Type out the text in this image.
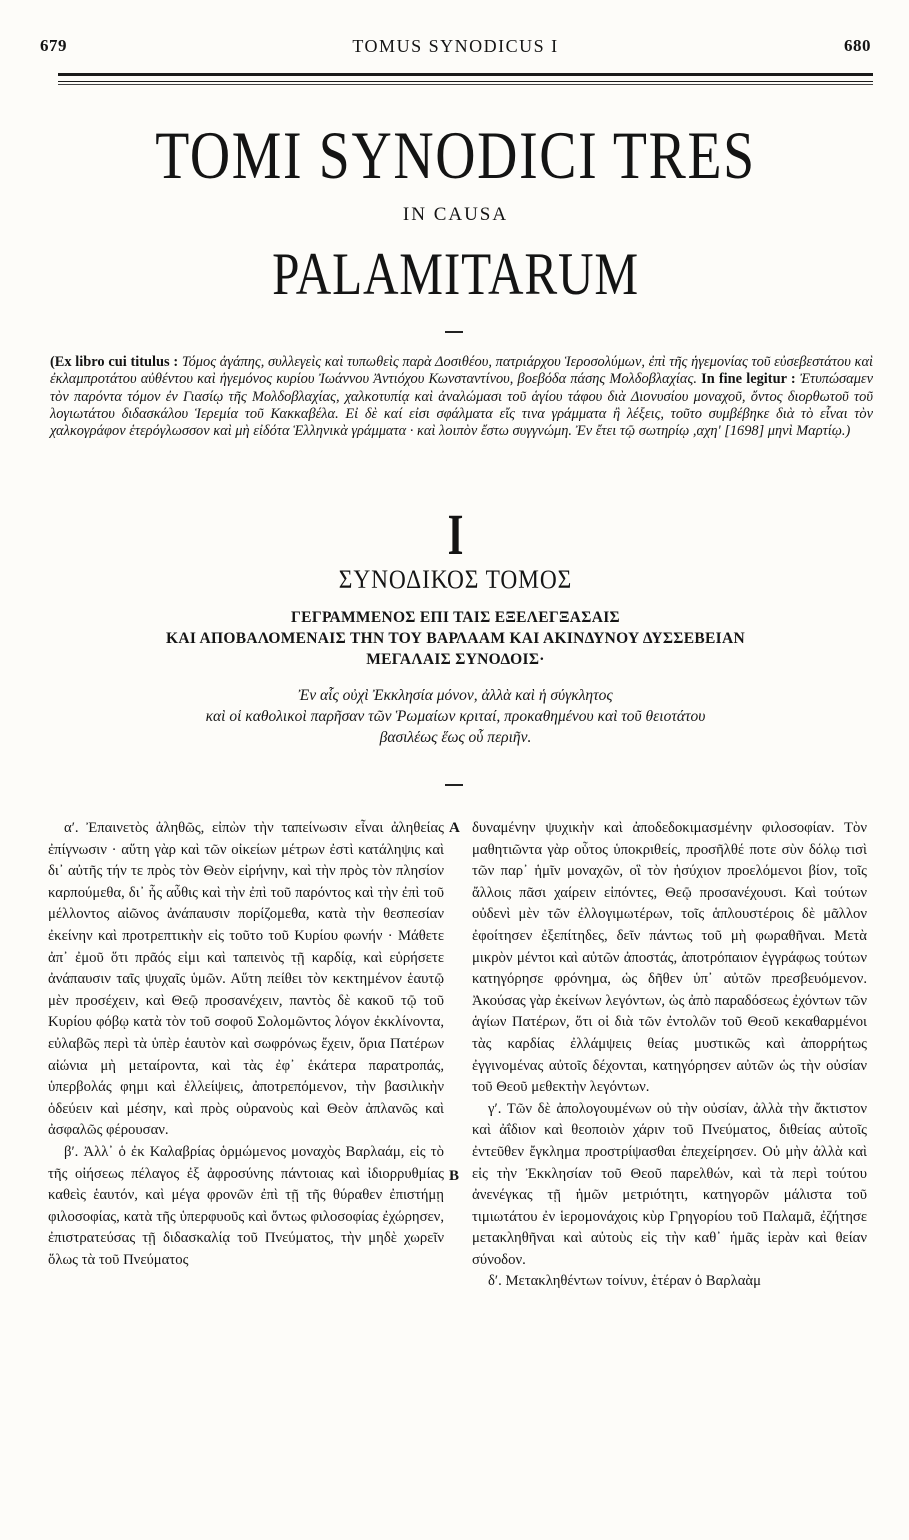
679	TOMUS SYNODICUS I	680
TOMI SYNODICI TRES
IN CAUSA
PALAMITARUM
(Ex libro cui titulus : Τόμος ἀγάπης, συλλεγεὶς καὶ τυπωθεὶς παρὰ Δοσιθέου, πατριάρχου Ἱεροσολύμων, ἐπὶ τῆς ἡγεμονίας τοῦ εὐσεβεστάτου καὶ ἐκλαμπροτάτου αὐθέντου καὶ ἡγεμόνος κυρίου Ἰωάννου Ἀντιόχου Κωνσταντίνου, βοεβόδα πάσης Μολδοβλαχίας. In fine legitur : Ἐτυπώσαμεν τὸν παρόντα τόμον ἐν Γιασίῳ τῆς Μολδοβλαχίας, χαλκοτυπίᾳ καὶ ἀναλώμασι τοῦ ἁγίου τάφου διὰ Διονυσίου μοναχοῦ, ὄντος διορθωτοῦ τοῦ λογιωτάτου διδασκάλου Ἱερεμία τοῦ Κακκαβέλα. Εἰ δὲ καί εἰσι σφάλματα εἴς τινα γράμματα ἢ λέξεις, τοῦτο συμβέβηκε διὰ τὸ εἶναι τὸν χαλκογράφον ἑτερόγλωσσον καὶ μὴ εἰδότα Ἑλληνικὰ γράμματα · καὶ λοιπὸν ἔστω συγγνώμη. Ἐν ἔτει τῷ σωτηρίῳ ,αχηʹ [1698] μηνὶ Μαρτίῳ.)
I
ΣΥΝΟΔΙΚΟΣ ΤΟΜΟΣ
ΓΕΓΡΑΜΜΕΝΟΣ ΕΠΙ ΤΑΙΣ ΕΞΕΛΕΓΞΑΣΑΙΣ
ΚΑΙ ΑΠΟΒΑΛΟΜΕΝΑΙΣ ΤΗΝ ΤΟΥ ΒΑΡΛΑΑΜ ΚΑΙ ΑΚΙΝΔΥΝΟΥ ΔΥΣΣΕΒΕΙΑΝ
ΜΕΓΑΛΑΙΣ ΣΥΝΟΔΟΙΣ·
Ἐν αἷς οὐχὶ Ἐκκλησία μόνον, ἀλλὰ καὶ ἡ σύγκλητος
καὶ οἱ καθολικοὶ παρῆσαν τῶν Ῥωμαίων κριταί, προκαθημένου καὶ τοῦ θειοτάτου
βασιλέως ἕως οὗ περιῆν.

αʹ. Ἐπαινετὸς ἀληθῶς, εἰπὼν τὴν ταπείνωσιν εἶναι ἀληθείας ἐπίγνωσιν · αὕτη γὰρ καὶ τῶν οἰκείων μέτρων ἐστὶ κατάληψις καὶ δι᾽ αὐτῆς τήν τε πρὸς τὸν Θεὸν εἰρήνην, καὶ τὴν πρὸς τὸν πλησίον καρπούμεθα, δι᾽ ἧς αὖθις καὶ τὴν ἐπὶ τοῦ παρόντος καὶ τὴν ἐπὶ τοῦ μέλλοντος αἰῶνος ἀνάπαυσιν πορίζομεθα, κατὰ τὴν θεσπεσίαν ἐκείνην καὶ προτρεπτικὴν εἰς τοῦτο τοῦ Κυρίου φωνήν · Μάθετε ἀπ᾽ ἐμοῦ ὅτι πρᾶός εἰμι καὶ ταπεινὸς τῇ καρδίᾳ, καὶ εὑρήσετε ἀνάπαυσιν ταῖς ψυχαῖς ὑμῶν. Αὕτη πείθει τὸν κεκτημένον ἑαυτῷ μὲν προσέχειν, καὶ Θεῷ προσανέχειν, παντὸς δὲ κακοῦ τῷ τοῦ Κυρίου φόβῳ κατὰ τὸν τοῦ σοφοῦ Σολομῶντος λόγον ἐκκλίνοντα, εὐλαβῶς περὶ τὰ ὑπὲρ ἑαυτὸν καὶ σωφρόνως ἔχειν, ὅρια Πατέρων αἰώνια μὴ μεταίροντα, καὶ τὰς ἐφ᾽ ἑκάτερα παρατροπάς, ὑπερβολάς φημι καὶ ἐλλείψεις, ἀποτρεπόμενον, τὴν βασιλικὴν ὁδεύειν καὶ μέσην, καὶ πρὸς οὐρανοὺς καὶ Θεὸν ἀπλανῶς καὶ ἀσφαλῶς φέρουσαν.

βʹ. Ἀλλ᾽ ὁ ἐκ Καλαβρίας ὁρμώμενος μοναχὸς Βαρλαάμ, εἰς τὸ τῆς οἰήσεως πέλαγος ἐξ ἀφροσύνης πάντοιας καὶ ἰδιορρυθμίας καθεὶς ἑαυτόν, καὶ μέγα φρονῶν ἐπὶ τῇ τῆς θύραθεν ἐπιστήμῃ φιλοσοφίας, κατὰ τῆς ὑπερφυοῦς καὶ ὄντως φιλοσοφίας ἐχώρησεν, ἐπιστρατεύσας τῇ διδασκαλίᾳ τοῦ Πνεύματος, τὴν μηδὲ χωρεῖν ὅλως τὰ τοῦ Πνεύματος

A
B

δυναμένην ψυχικὴν καὶ ἀποδεδοκιμασμένην φιλοσοφίαν. Τὸν μαθητιῶντα γὰρ οὗτος ὑποκριθείς, προσῆλθέ ποτε σὺν δόλῳ τισὶ τῶν παρ᾽ ἡμῖν μοναχῶν, οἳ τὸν ἡσύχιον προελόμενοι βίον, τοῖς ἄλλοις πᾶσι χαίρειν εἰπόντες, Θεῷ προσανέχουσι. Καὶ τούτων οὐδενὶ μὲν τῶν ἐλλογιμωτέρων, τοῖς ἁπλουστέροις δὲ μᾶλλον ἐφοίτησεν ἐξεπίτηδες, δεῖν πάντως τοῦ μὴ φωραθῆναι. Μετὰ μικρὸν μέντοι καὶ αὐτῶν ἀποστάς, ἀποτρόπαιον ἐγγράφως τούτων κατηγόρησε φρόνημα, ὡς δῆθεν ὑπ᾽ αὐτῶν πρεσβευόμενον. Ἀκούσας γὰρ ἐκείνων λεγόντων, ὡς ἀπὸ παραδόσεως ἐχόντων τῶν ἁγίων Πατέρων, ὅτι οἱ διὰ τῶν ἐντολῶν τοῦ Θεοῦ κεκαθαρμένοι τὰς καρδίας ἐλλάμψεις θείας μυστικῶς καὶ ἀπορρήτως ἐγγινομένας αὐτοῖς δέχονται, κατηγόρησεν αὐτῶν ὡς τὴν οὐσίαν τοῦ Θεοῦ μεθεκτὴν λεγόντων.

γʹ. Τῶν δὲ ἀπολογουμένων οὐ τὴν οὐσίαν, ἀλλὰ τὴν ἄκτιστον καὶ ἀΐδιον καὶ θεοποιὸν χάριν τοῦ Πνεύματος, διθείας αὐτοῖς ἐντεῦθεν ἔγκλημα προστρίψασθαι ἐπεχείρησεν. Οὐ μὴν ἀλλὰ καὶ εἰς τὴν Ἐκκλησίαν τοῦ Θεοῦ παρελθών, καὶ τὰ περὶ τούτου ἀνενέγκας τῇ ἡμῶν μετριότητι, κατηγορῶν μάλιστα τοῦ τιμιωτάτου ἐν ἱερομονάχοις κὺρ Γρηγορίου τοῦ Παλαμᾶ, ἐζήτησε μετακληθῆναι καὶ αὐτοὺς εἰς τὴν καθ᾽ ἡμᾶς ἱερὰν καὶ θείαν σύνοδον.

δʹ. Μετακληθέντων τοίνυν, ἑτέραν ὁ Βαρλαὰμ
